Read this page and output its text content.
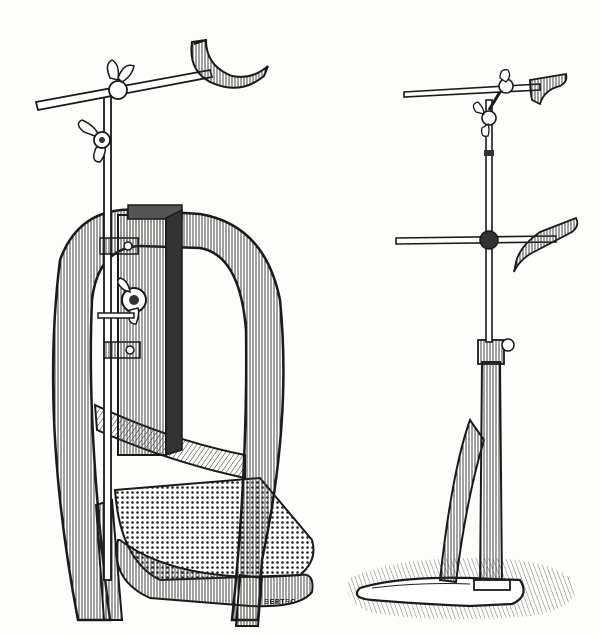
BERTSC
